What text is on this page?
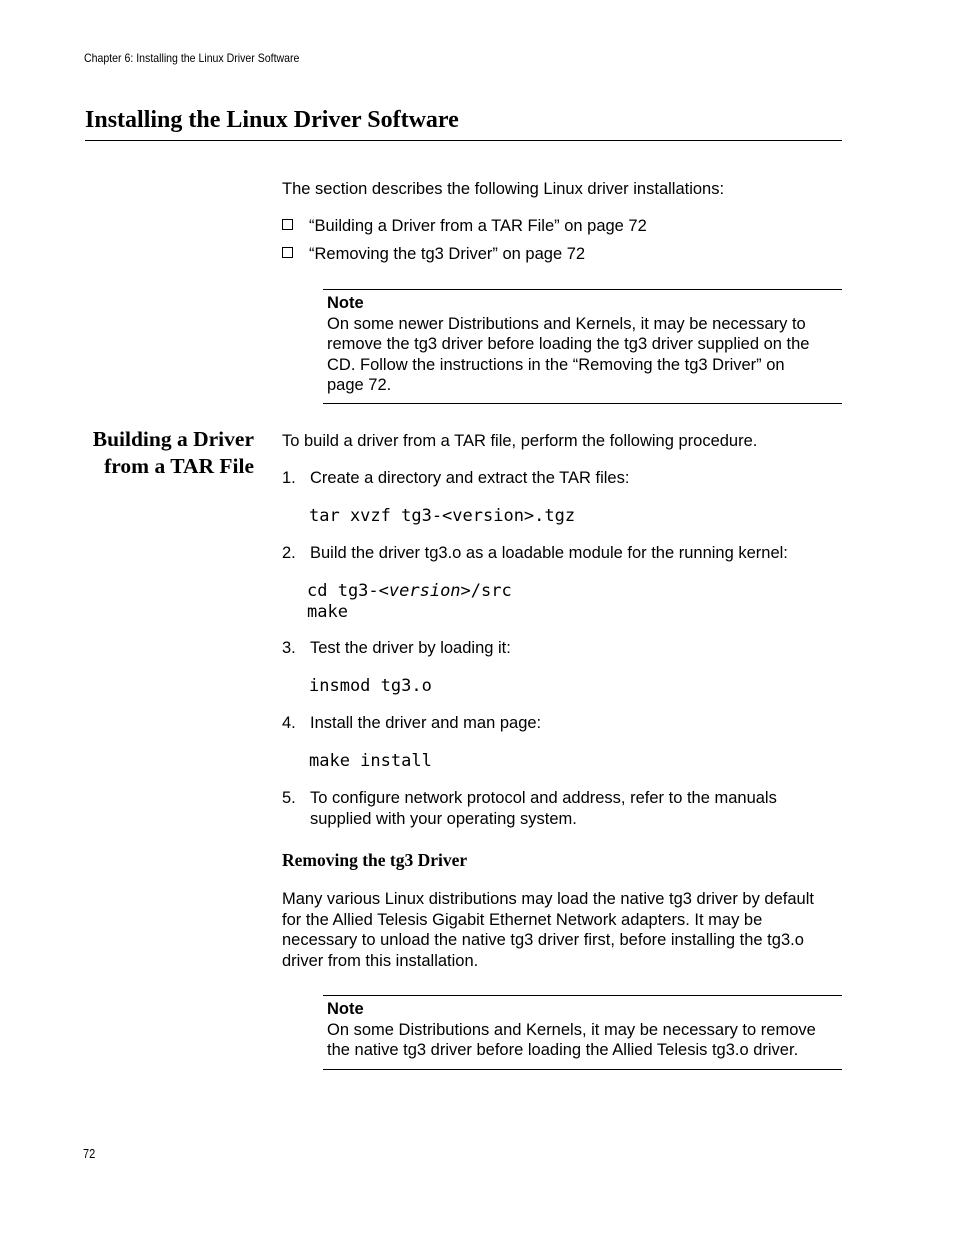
Chapter 6: Installing the Linux Driver Software
Installing the Linux Driver Software
The section describes the following Linux driver installations:
“Building a Driver from a TAR File” on page 72
“Removing the tg3 Driver” on page 72
Note
On some newer Distributions and Kernels, it may be necessary to
remove the tg3 driver before loading the tg3 driver supplied on the
CD. Follow the instructions in the “Removing the tg3 Driver” on
page 72.
Building a Driver
from a TAR File
To build a driver from a TAR file, perform the following procedure.
1. Create a directory and extract the TAR files:
tar xvzf tg3-<version>.tgz
2. Build the driver tg3.o as a loadable module for the running kernel:
cd tg3-<version>/src
make
3. Test the driver by loading it:
insmod tg3.o
4. Install the driver and man page:
make install
5. To configure network protocol and address, refer to the manuals
supplied with your operating system.
Removing the tg3 Driver
Many various Linux distributions may load the native tg3 driver by default
for the Allied Telesis Gigabit Ethernet Network adapters. It may be
necessary to unload the native tg3 driver first, before installing the tg3.o
driver from this installation.
Note
On some Distributions and Kernels, it may be necessary to remove
the native tg3 driver before loading the Allied Telesis tg3.o driver.
72
